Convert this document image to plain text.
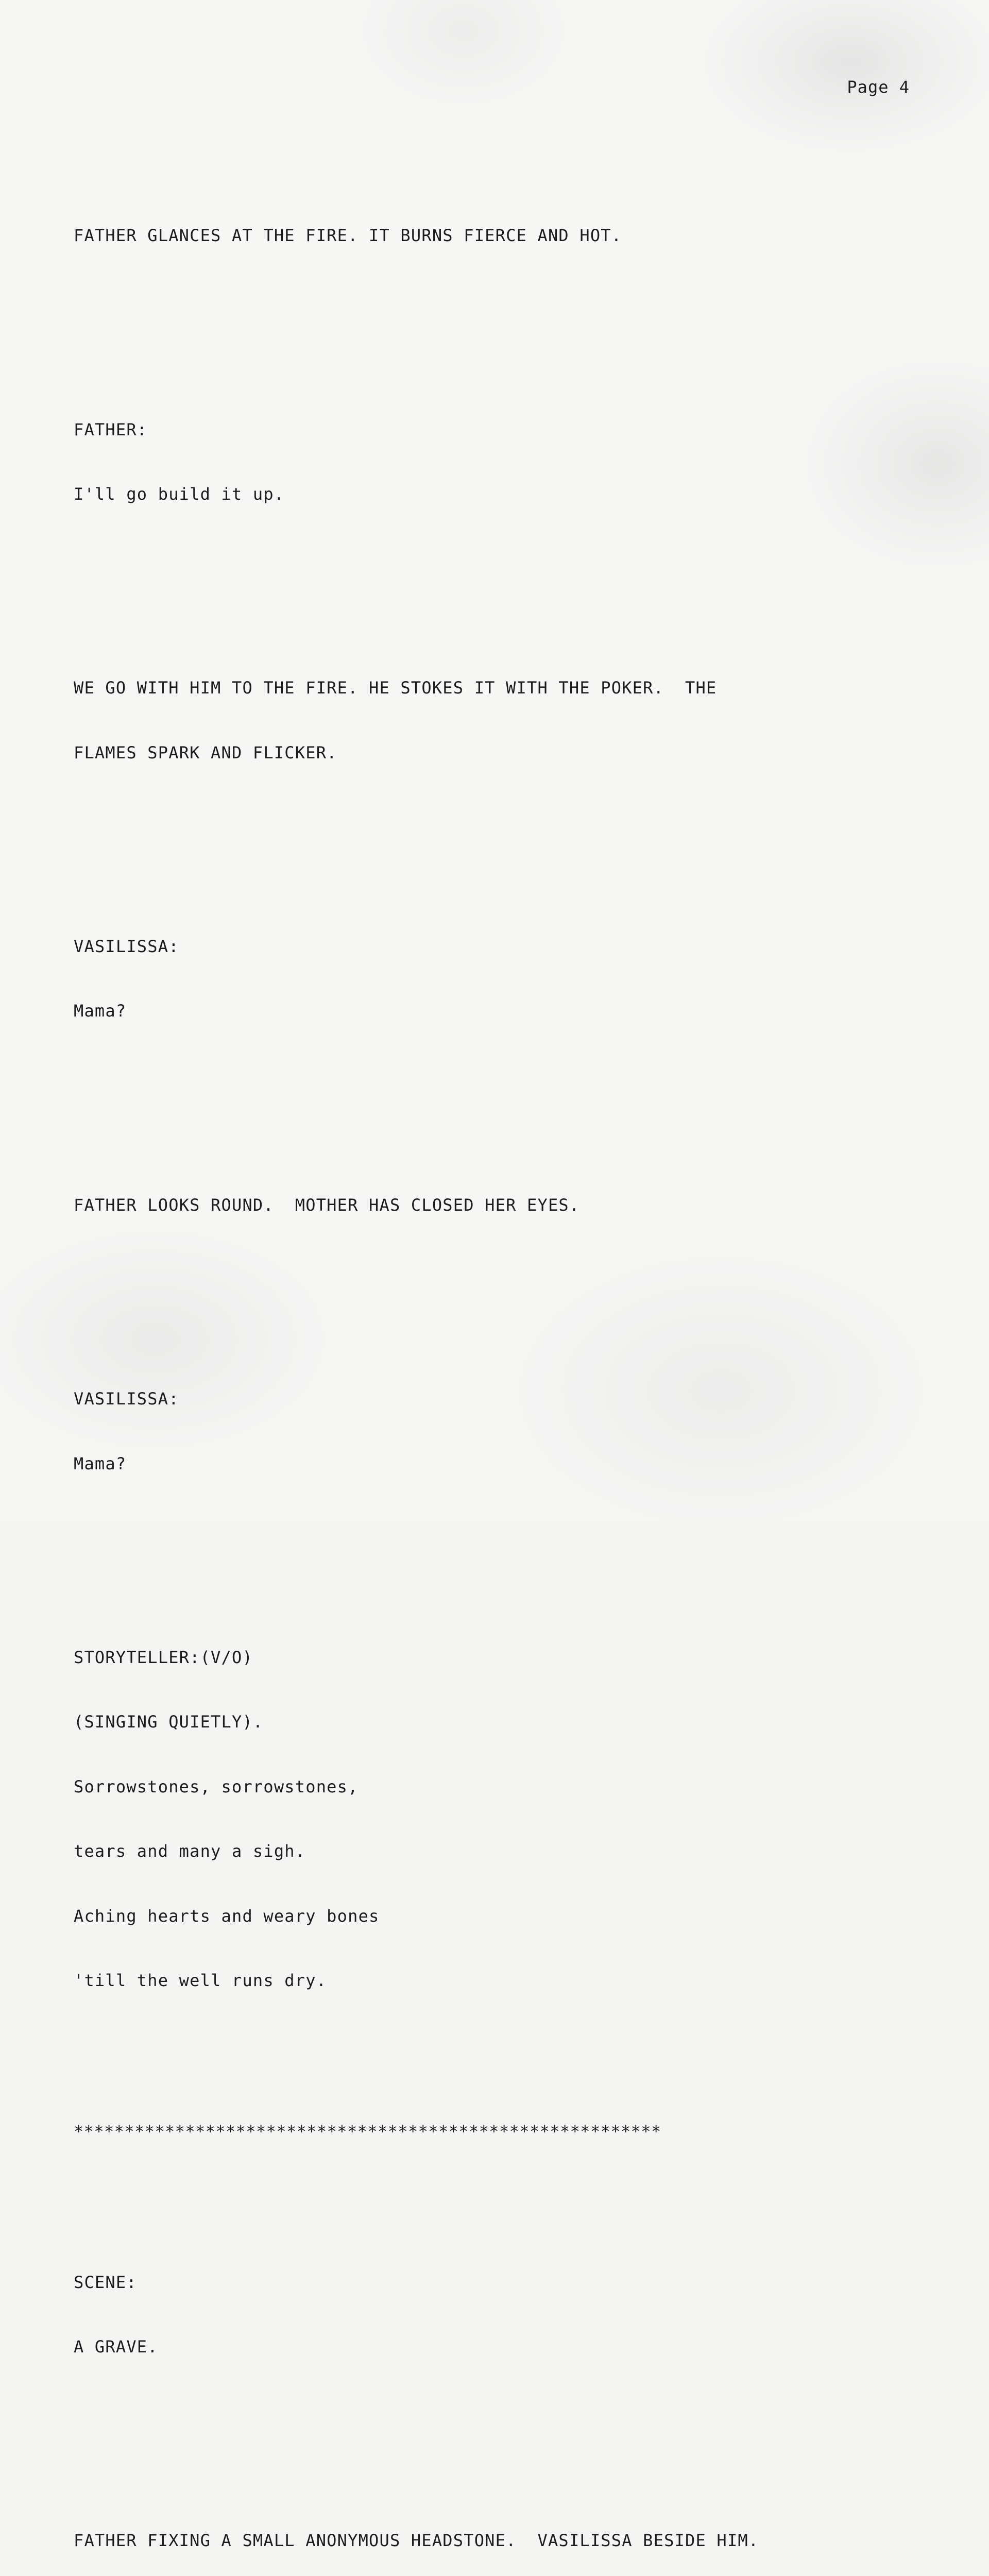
Page 4

FATHER GLANCES AT THE FIRE. IT BURNS FIERCE AND HOT.

FATHER:

I'll go build it up.

WE GO WITH HIM TO THE FIRE. HE STOKES IT WITH THE POKER.  THE

FLAMES SPARK AND FLICKER.

VASILISSA:

Mama?

FATHER LOOKS ROUND.  MOTHER HAS CLOSED HER EYES.

VASILISSA:

Mama?

STORYTELLER:(V/O)

(SINGING QUIETLY).

Sorrowstones, sorrowstones,

tears and many a sigh.

Aching hearts and weary bones

'till the well runs dry.

**********************************************************

SCENE:

A GRAVE.

FATHER FIXING A SMALL ANONYMOUS HEADSTONE.  VASILISSA BESIDE HIM.
